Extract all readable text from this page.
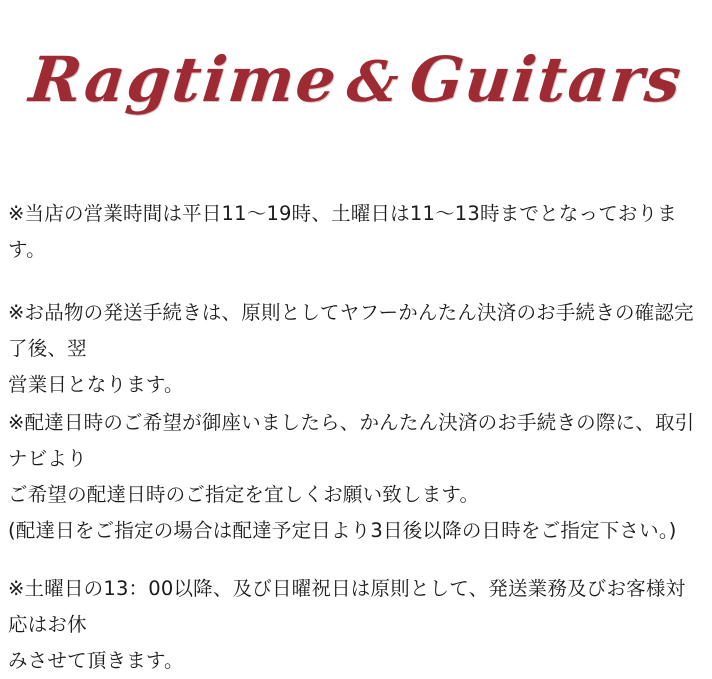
Ragtime&Guitars

※当店の営業時間は平日11〜19時、土曜日は11〜13時までとなっております。

※お品物の発送手続きは、原則としてヤフーかんたん決済のお手続きの確認完了後、翌

営業日となります。

※配達日時のご希望が御座いましたら、かんたん決済のお手続きの際に、取引ナビより

ご希望の配達日時のご指定を宜しくお願い致します。

(配達日をご指定の場合は配達予定日より3日後以降の日時をご指定下さい。)

※土曜日の13：00以降、及び日曜祝日は原則として、発送業務及びお客様対応はお休

みさせて頂きます。
